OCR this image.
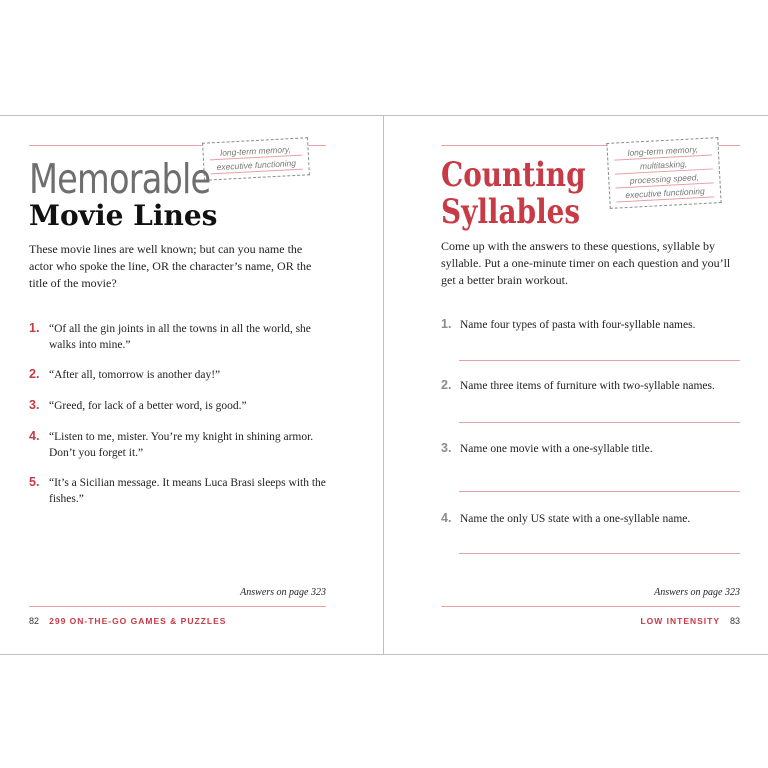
long-term memory,
executive functioning
Memorable
Movie Lines
These movie lines are well known; but can you name the actor who spoke the line, OR the character’s name, OR the title of the movie?
1. “Of all the gin joints in all the towns in all the world, she walks into mine.”
2. “After all, tomorrow is another day!”
3. “Greed, for lack of a better word, is good.”
4. “Listen to me, mister. You’re my knight in shining armor. Don’t you forget it.”
5. “It’s a Sicilian message. It means Luca Brasi sleeps with the fishes.”
Answers on page 323
82 299 ON-THE-GO GAMES & PUZZLES
long-term memory,
multitasking,
processing speed,
executive functioning
Counting
Syllables
Come up with the answers to these questions, syllable by syllable. Put a one-minute timer on each question and you’ll get a better brain workout.
1. Name four types of pasta with four-syllable names.
2. Name three items of furniture with two-syllable names.
3. Name one movie with a one-syllable title.
4. Name the only US state with a one-syllable name.
Answers on page 323
LOW INTENSITY 83
